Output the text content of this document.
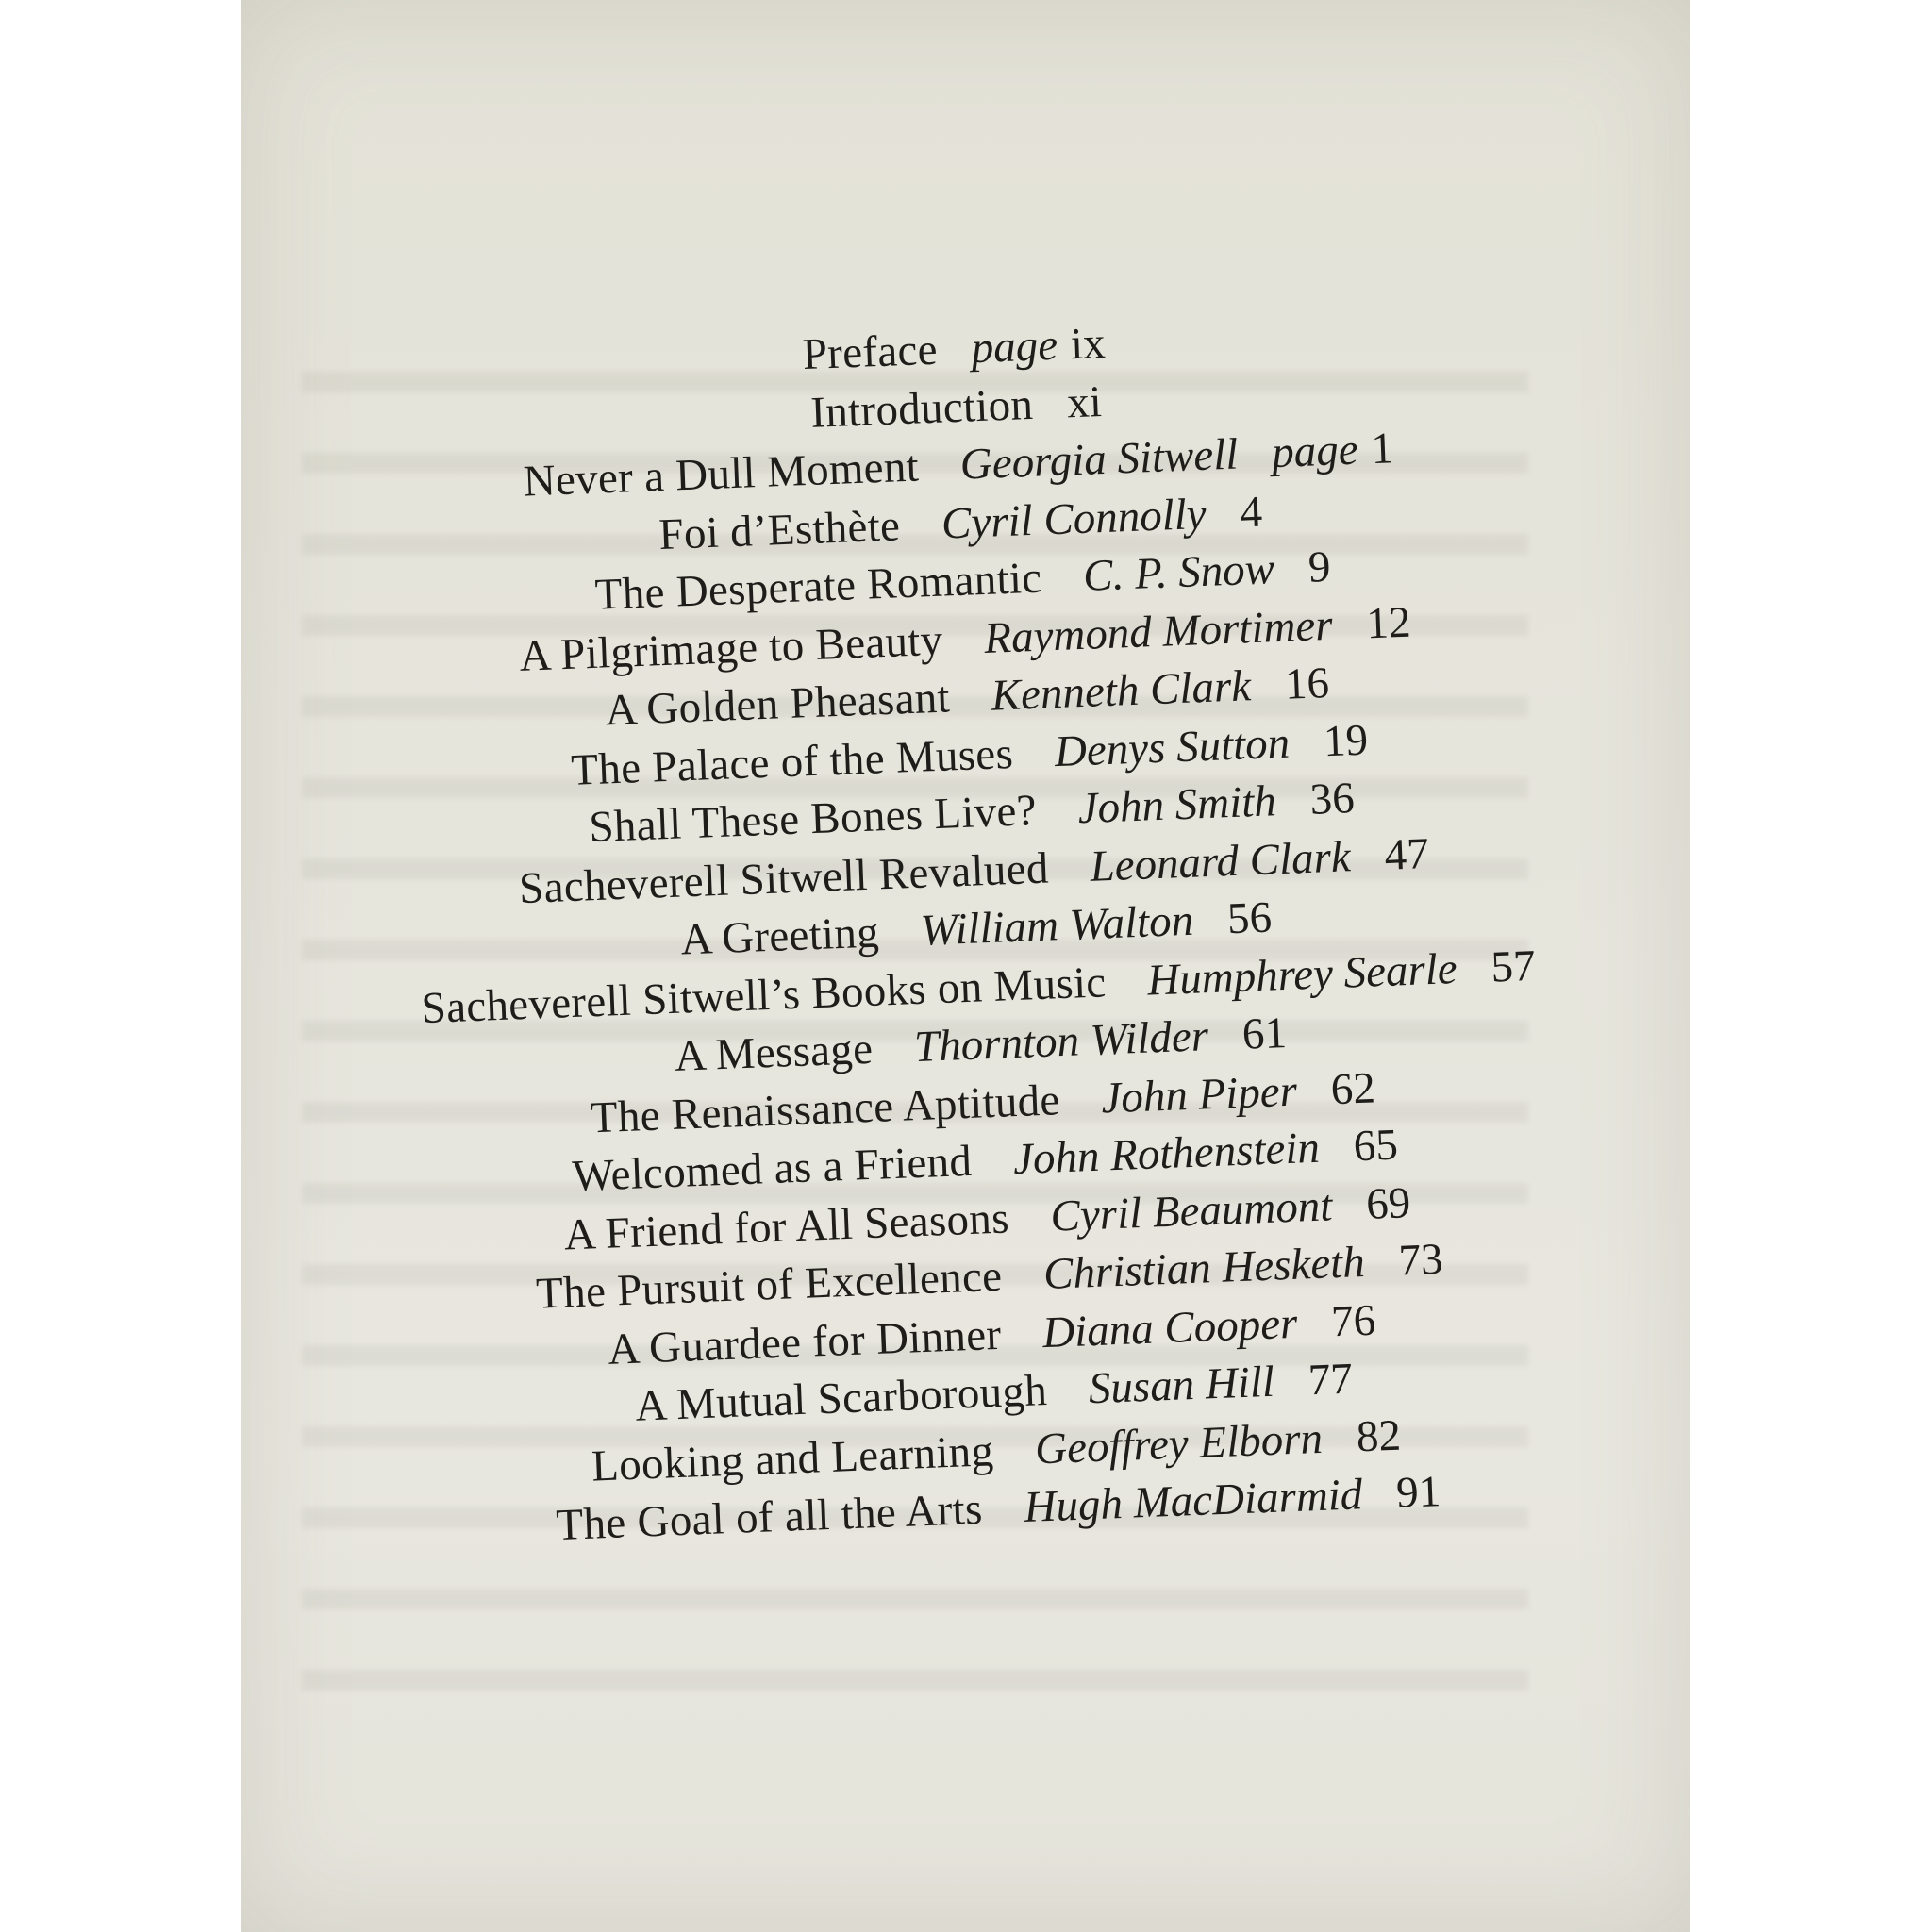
Preface page ix
Introduction xi
Never a Dull Moment Georgia Sitwell page 1
Foi d’Esthète Cyril Connolly 4
The Desperate Romantic C. P. Snow 9
A Pilgrimage to Beauty Raymond Mortimer 12
A Golden Pheasant Kenneth Clark 16
The Palace of the Muses Denys Sutton 19
Shall These Bones Live? John Smith 36
Sacheverell Sitwell Revalued Leonard Clark 47
A Greeting William Walton 56
Sacheverell Sitwell’s Books on Music Humphrey Searle 57
A Message Thornton Wilder 61
The Renaissance Aptitude John Piper 62
Welcomed as a Friend John Rothenstein 65
A Friend for All Seasons Cyril Beaumont 69
The Pursuit of Excellence Christian Hesketh 73
A Guardee for Dinner Diana Cooper 76
A Mutual Scarborough Susan Hill 77
Looking and Learning Geoffrey Elborn 82
The Goal of all the Arts Hugh MacDiarmid 91
